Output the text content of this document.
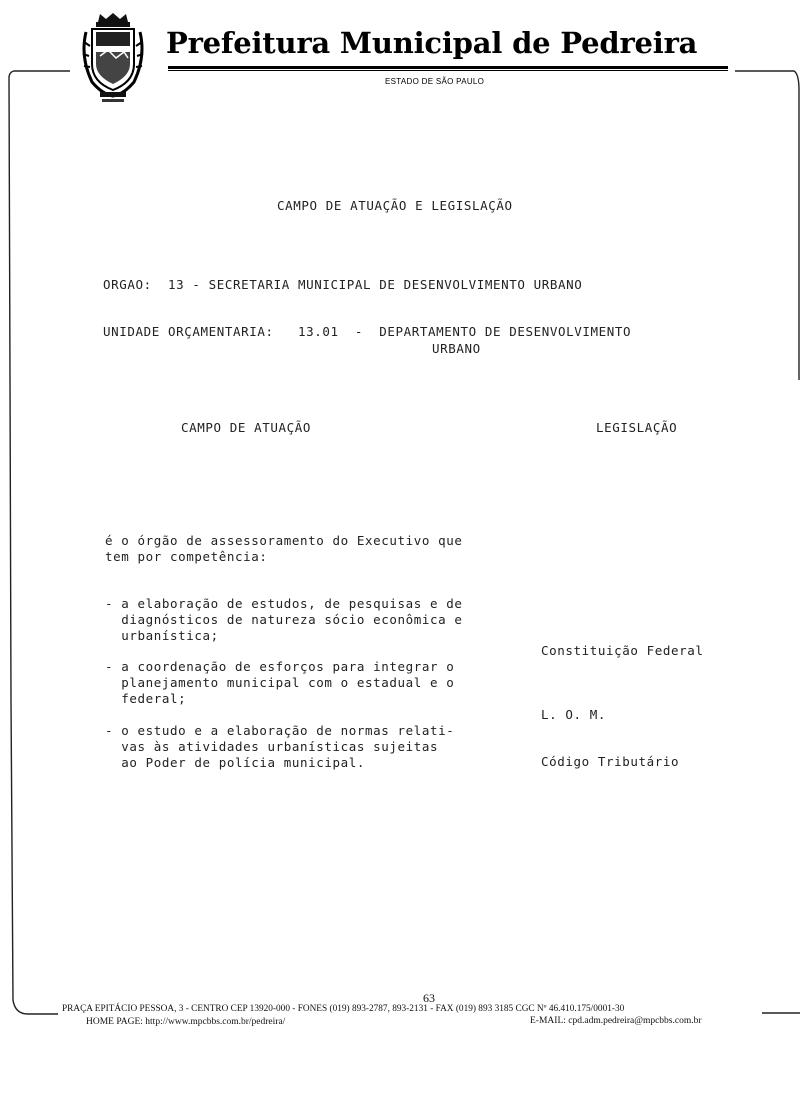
Prefeitura Municipal de Pedreira
ESTADO DE SÃO PAULO
CAMPO DE ATUAÇÃO E LEGISLAÇÃO
ORGAO:  13 - SECRETARIA MUNICIPAL DE DESENVOLVIMENTO URBANO
UNIDADE ORÇAMENTARIA:   13.01  -  DEPARTAMENTO DE DESENVOLVIMENTO
URBANO
CAMPO DE ATUAÇÃO	LEGISLAÇÃO
é o órgão de assessoramento do Executivo que
tem por competência:
- a elaboração de estudos, de pesquisas e de
diagnósticos de natureza sócio econômica e
urbanística;
- a coordenação de esforços para integrar o
planejamento municipal com o estadual e o
federal;
- o estudo e a elaboração de normas relati-
vas às atividades urbanísticas sujeitas
ao Poder de polícia municipal.
Constituição Federal
L. O. M.
Código Tributário
63
PRAÇA EPITÁCIO PESSOA, 3 - CENTRO CEP 13920-000 - FONES (019) 893-2787, 893-2131 - FAX (019) 893 3185 CGC Nº 46.410.175/0001-30
HOME PAGE: http://www.mpcbbs.com.br/pedreira/	E-MAIL: cpd.adm.pedreira@mpcbbs.com.br
